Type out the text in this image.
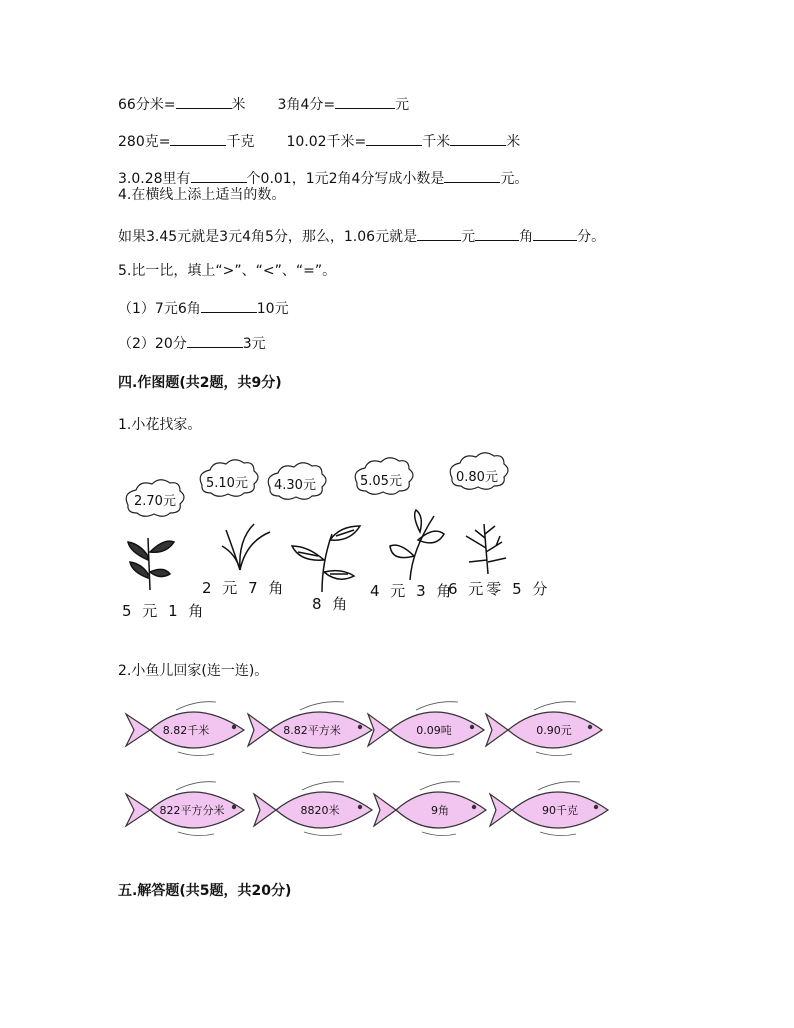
66分米=	米 3角4分=	元
280克=	千克 10.02千米=	千米	米
3.0.28里有	个0.01，1元2角4分写成小数是	元。
4.在横线上添上适当的数。
如果3.45元就是3元4角5分，那么，1.06元就是	元	角	分。
5.比一比，填上“>”、“<”、“=”。
（1）7元6角	10元
（2）20分	3元
四.作图题(共2题，共9分)
1.小花找家。
2.70元
5.10元 4.30元	5.05元	0.80元
5 元 1 角
2 元 7 角
8 角
4 元 3 角
6 元零 5 分
2.小鱼儿回家(连一连)。
8.82千米	8.82平方米	0.09吨	0.90元
822平方分米	8820米	9角	90千克
五.解答题(共5题，共20分)
